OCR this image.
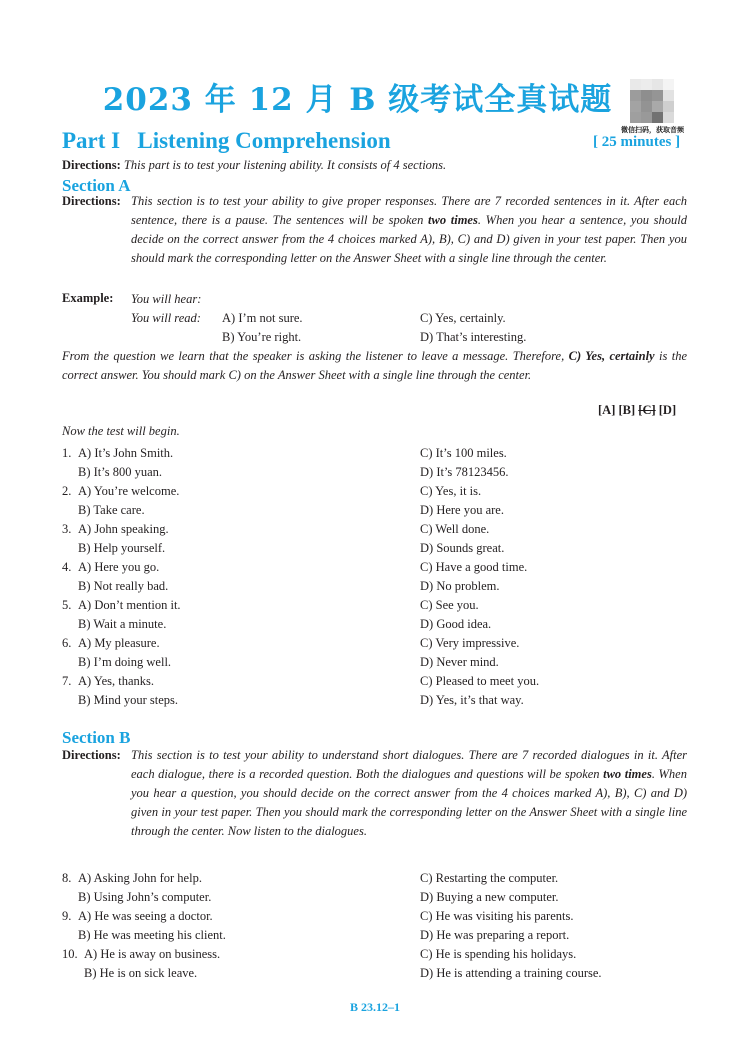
2023 年 12 月 B 级考试全真试题
微信扫码，获取音频
Part I   Listening Comprehension	[ 25 minutes ]
Directions: This part is to test your listening ability. It consists of 4 sections.
Section A
Directions: This section is to test your ability to give proper responses. There are 7 recorded sentences in it. After each sentence, there is a pause. The sentences will be spoken two times. When you hear a sentence, you should decide on the correct answer from the 4 choices marked A), B), C) and D) given in your test paper. Then you should mark the corresponding letter on the Answer Sheet with a single line through the center.
Example: You will hear:
You will read: A) I’m not sure.
B) You’re right.
C) Yes, certainly.
D) That’s interesting.
From the question we learn that the speaker is asking the listener to leave a message. Therefore, C) Yes, certainly is the correct answer. You should mark C) on the Answer Sheet with a single line through the center.
[A] [B] [C] [D]
Now the test will begin.
1. A) It’s John Smith.
B) It’s 800 yuan.
C) It’s 100 miles.
D) It’s 78123456.
2. A) You’re welcome.
B) Take care.
C) Yes, it is.
D) Here you are.
3. A) John speaking.
B) Help yourself.
C) Well done.
D) Sounds great.
4. A) Here you go.
B) Not really bad.
C) Have a good time.
D) No problem.
5. A) Don’t mention it.
B) Wait a minute.
C) See you.
D) Good idea.
6. A) My pleasure.
B) I’m doing well.
C) Very impressive.
D) Never mind.
7. A) Yes, thanks.
B) Mind your steps.
C) Pleased to meet you.
D) Yes, it’s that way.
Section B
Directions: This section is to test your ability to understand short dialogues. There are 7 recorded dialogues in it. After each dialogue, there is a recorded question. Both the dialogues and questions will be spoken two times. When you hear a question, you should decide on the correct answer from the 4 choices marked A), B), C) and D) given in your test paper. Then you should mark the corresponding letter on the Answer Sheet with a single line through the center. Now listen to the dialogues.
8. A) Asking John for help.
B) Using John’s computer.
C) Restarting the computer.
D) Buying a new computer.
9. A) He was seeing a doctor.
B) He was meeting his client.
C) He was visiting his parents.
D) He was preparing a report.
10. A) He is away on business.
B) He is on sick leave.
C) He is spending his holidays.
D) He is attending a training course.
B 23.12–1
